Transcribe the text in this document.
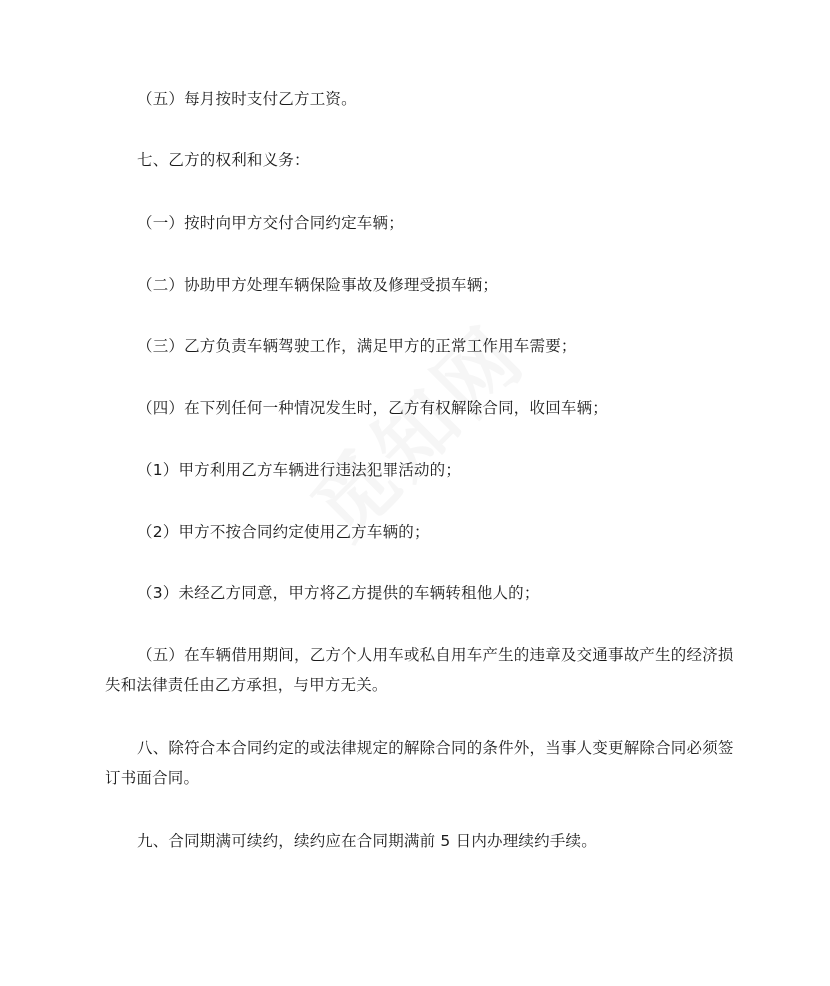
（五）每月按时支付乙方工资。

七、乙方的权利和义务：

（一）按时向甲方交付合同约定车辆；

（二）协助甲方处理车辆保险事故及修理受损车辆；

（三）乙方负责车辆驾驶工作，满足甲方的正常工作用车需要；

（四）在下列任何一种情况发生时，乙方有权解除合同，收回车辆；

（1）甲方利用乙方车辆进行违法犯罪活动的；

（2）甲方不按合同约定使用乙方车辆的；

（3）未经乙方同意，甲方将乙方提供的车辆转租他人的；

（五）在车辆借用期间，乙方个人用车或私自用车产生的违章及交通事故产生的经济损失和法律责任由乙方承担，与甲方无关。

八、除符合本合同约定的或法律规定的解除合同的条件外，当事人变更解除合同必须签订书面合同。

九、合同期满可续约，续约应在合同期满前 5 日内办理续约手续。
